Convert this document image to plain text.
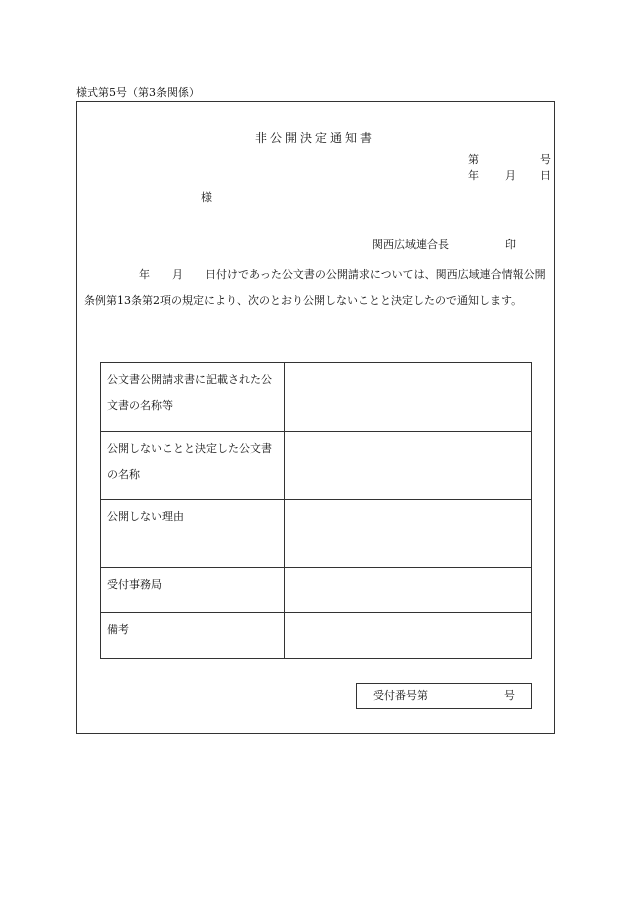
様式第5号（第3条関係）
非公開決定通知書
第	号
年 月 日
様
関西広域連合長	印
　　　　　年　　月　　日付けであった公文書の公開請求については、関西広域連合情報公開条例第13条第2項の規定により、次のとおり公開しないことと決定したので通知します。
公文書公開請求書に記載された公文書の名称等	
公開しないことと決定した公文書の名称	
公開しない理由	
受付事務局	
備考	
受付番号第	号
